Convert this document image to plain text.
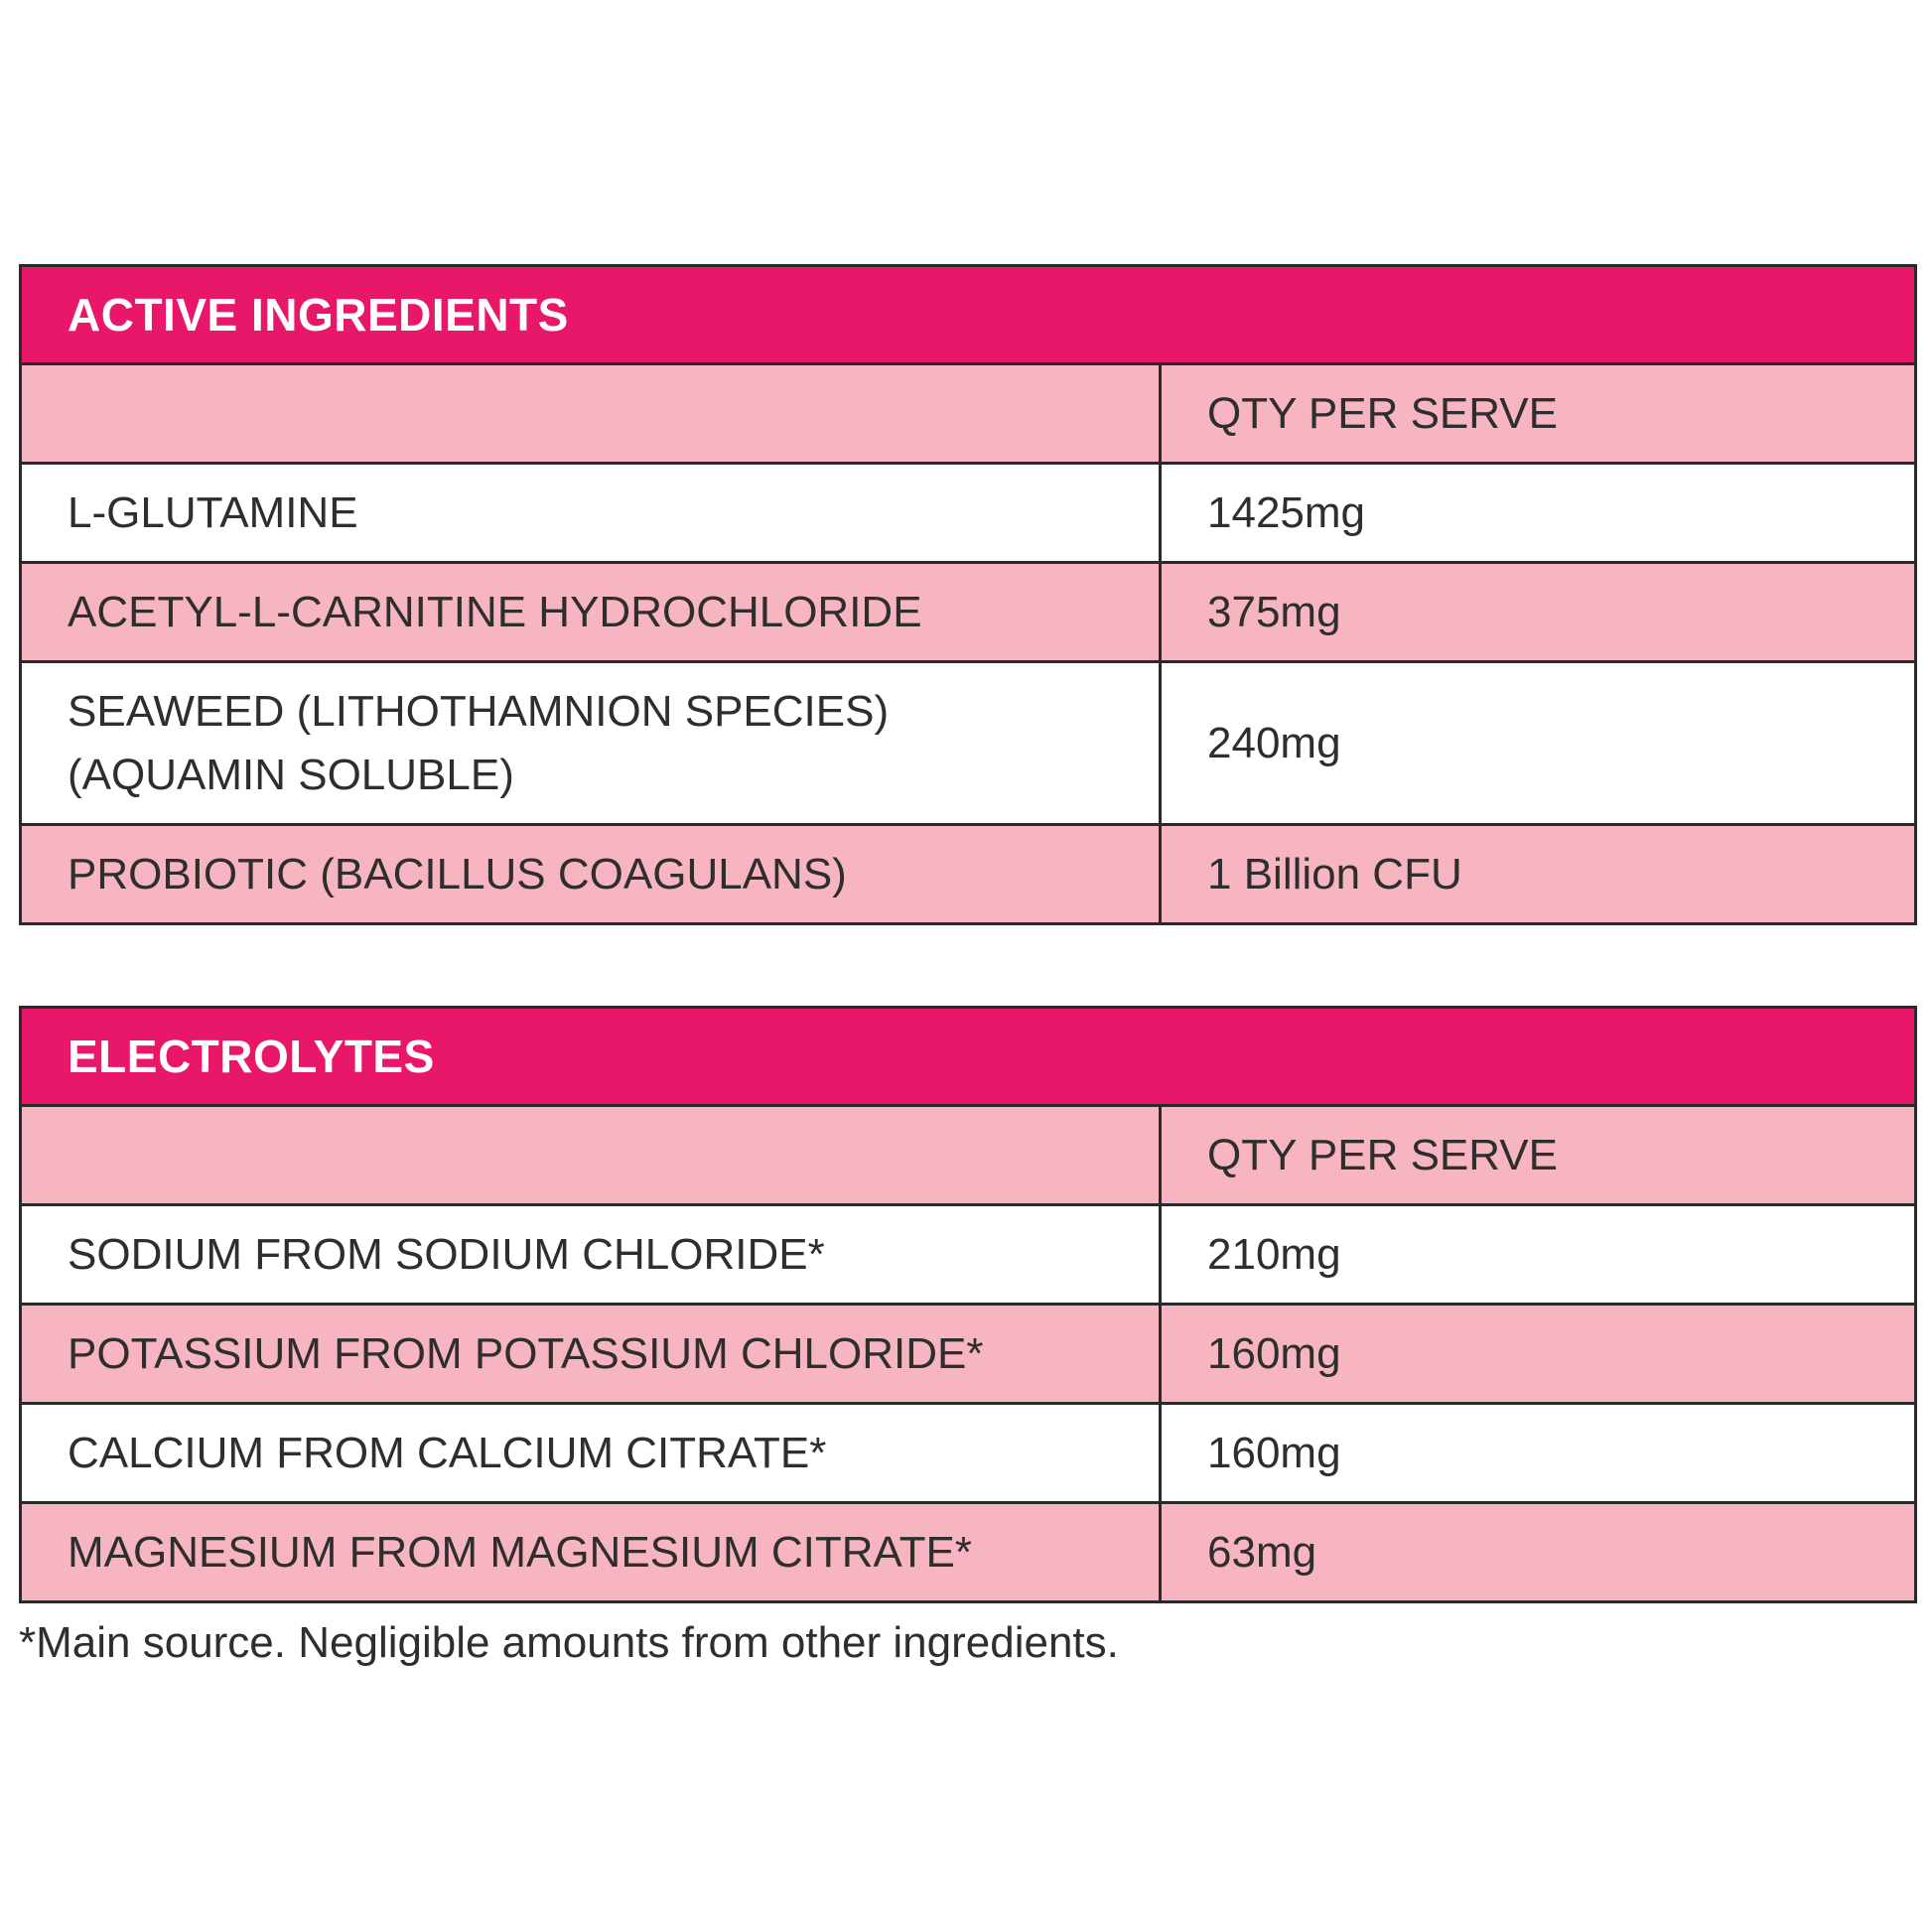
ACTIVE INGREDIENTS
	QTY PER SERVE
L-GLUTAMINE	1425mg
ACETYL-L-CARNITINE HYDROCHLORIDE	375mg

SEAWEED (LITHOTHAMNION SPECIES)
(AQUAMIN SOLUBLE)	240mg
PROBIOTIC (BACILLUS COAGULANS)	1 Billion CFU
ELECTROLYTES
	QTY PER SERVE
SODIUM FROM SODIUM CHLORIDE*	210mg
POTASSIUM FROM POTASSIUM CHLORIDE*	160mg
CALCIUM FROM CALCIUM CITRATE*	160mg
MAGNESIUM FROM MAGNESIUM CITRATE*	63mg
*Main source. Negligible amounts from other ingredients.
